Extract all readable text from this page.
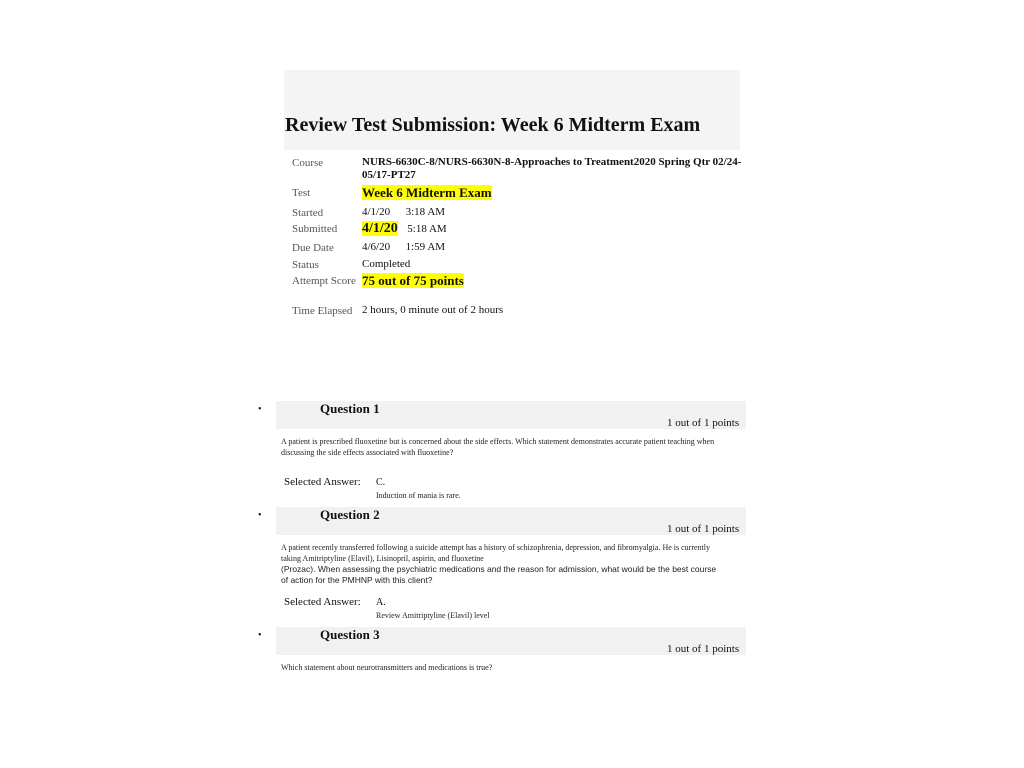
Review Test Submission: Week 6 Midterm Exam
Course	NURS-6630C-8/NURS-6630N-8-Approaches to Treatment2020 Spring Qtr 02/24-05/17-PT27
Test	Week 6 Midterm Exam
Started	4/1/20 3:18 AM
Submitted	4/1/20 5:18 AM
Due Date	4/6/20 1:59 AM
Status	Completed
Attempt Score 75 out of 75 points
Time Elapsed 2 hours, 0 minute out of 2 hours
•	Question 1
1 out of 1 points
A patient is prescribed fluoxetine but is concerned about the side effects. Which statement demonstrates accurate patient teaching when discussing the side effects associated with fluoxetine?
Selected Answer: C.
Induction of mania is rare.
•	Question 2
1 out of 1 points
A patient recently transferred following a suicide attempt has a history of schizophrenia, depression, and fibromyalgia. He is currently taking Amitriptyline (Elavil), Lisinopril, aspirin, and fluoxetine
(Prozac). When assessing the psychiatric medications and the reason for admission, what would be the best course of action for the PMHNP with this client?
Selected Answer: A.
Review Amitriptyline (Elavil) level
•	Question 3
1 out of 1 points
Which statement about neurotransmitters and medications is true?
